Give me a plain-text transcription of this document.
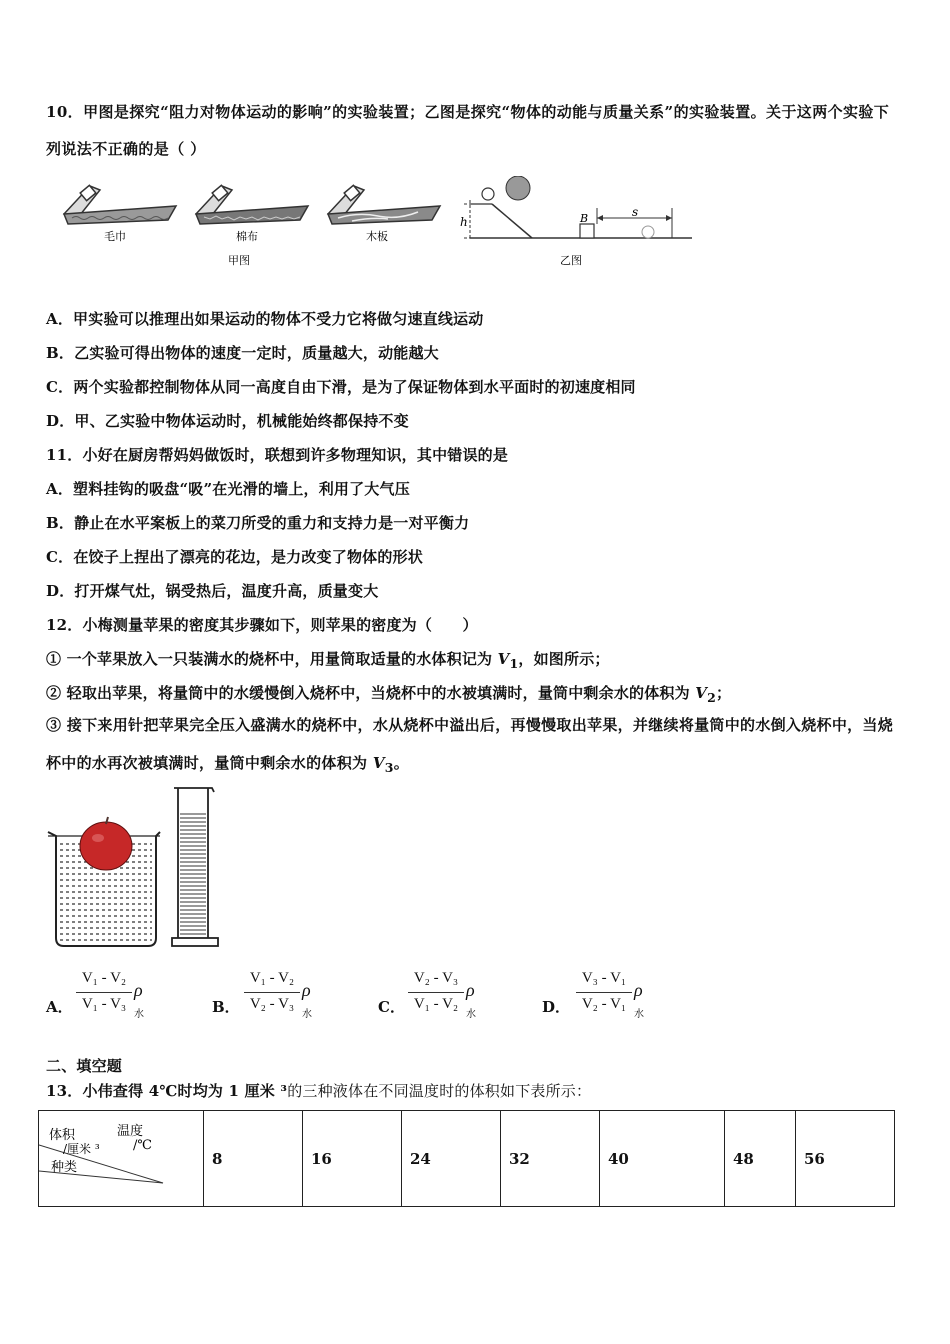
10．甲图是探究“阻力对物体运动的影响”的实验装置；乙图是探究“物体的动能与质量关系”的实验装置。关于这两个实验下列说法不正确的是（ ）
毛巾	棉布	木板
甲图
h
s
B
乙图
A．甲实验可以推理出如果运动的物体不受力它将做匀速直线运动
B．乙实验可得出物体的速度一定时，质量越大，动能越大
C．两个实验都控制物体从同一高度自由下滑，是为了保证物体到水平面时的初速度相同
D．甲、乙实验中物体运动时，机械能始终都保持不变
11．小好在厨房帮妈妈做饭时，联想到许多物理知识，其中错误的是
A．塑料挂钩的吸盘“吸”在光滑的墙上，利用了大气压
B．静止在水平案板上的菜刀所受的重力和支持力是一对平衡力
C．在饺子上捏出了漂亮的花边，是力改变了物体的形状
D．打开煤气灶，锅受热后，温度升高，质量变大
12．小梅测量苹果的密度其步骤如下，则苹果的密度为（　　）
① 一个苹果放入一只装满水的烧杯中，用量筒取适量的水体积记为 $V_1$，如图所示；
② 轻取出苹果，将量筒中的水缓慢倒入烧杯中，当烧杯中的水被填满时，量筒中剩余水的体积为 $V_2$；
③ 接下来用针把苹果完全压入盛满水的烧杯中，水从烧杯中溢出后，再慢慢取出苹果，并继续将量筒中的水倒入烧杯中，当烧杯中的水再次被填满时，量筒中剩余水的体积为 $V_3$。
A．
V₁ - V₂
V₁ - V₃
ρ水	B．
V₁ - V₂
V₂ - V₃
ρ水	C．
V₂ - V₃
V₁ - V₂
ρ水	D．
V₃ - V₁
V₂ - V₁
ρ水
二、填空题
13．小伟查得 4℃时均为 1 厘米 ³的三种液体在不同温度时的体积如下表所示：
温度
/℃
体积
/厘米 ³
种类	8	16	24	32	40	48	56
